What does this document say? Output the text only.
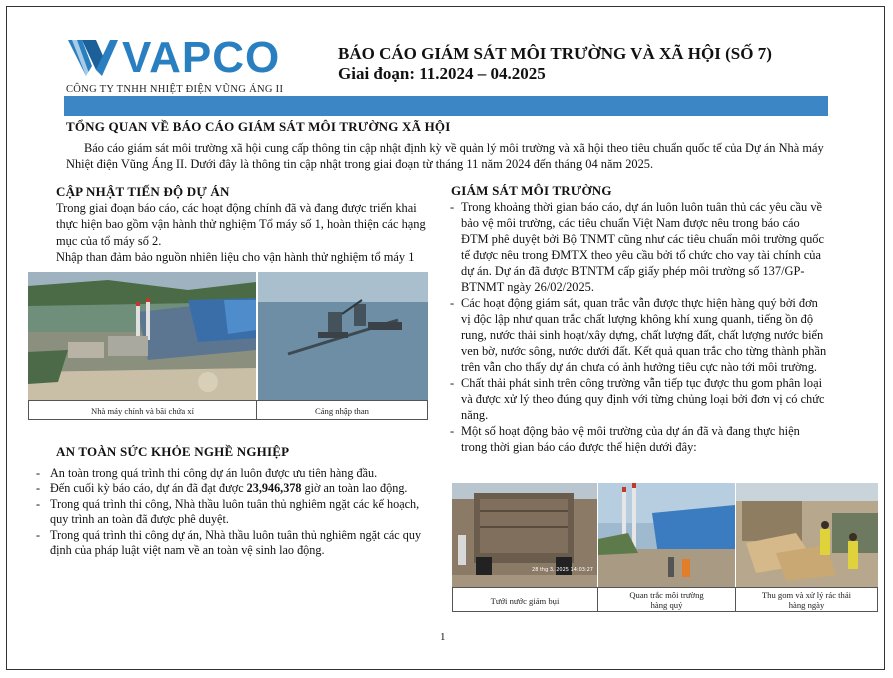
VAPCO
CÔNG TY TNHH NHIỆT ĐIỆN VŨNG ÁNG II
BÁO CÁO GIÁM SÁT MÔI TRƯỜNG VÀ XÃ HỘI (SỐ 7)
Giai đoạn: 11.2024 – 04.2025
TỔNG QUAN VỀ BÁO CÁO GIÁM SÁT MÔI TRƯỜNG XÃ HỘI
Báo cáo giám sát môi trường xã hội cung cấp thông tin cập nhật định kỳ về quản lý môi trường và xã hội theo tiêu chuẩn quốc tế của Dự án Nhà máy Nhiệt điện Vũng Áng II. Dưới đây là thông tin cập nhật trong giai đoạn từ tháng 11 năm 2024 đến tháng 04 năm 2025.
CẬP NHẬT TIẾN ĐỘ DỰ ÁN
Trong giai đoạn báo cáo, các hoạt động chính đã và đang được triển khai thực hiện bao gồm vận hành thử nghiệm Tổ máy số 1, hoàn thiện các hạng mục của tổ máy số 2.
Nhập than đảm bảo nguồn nhiên liệu cho vận hành thử nghiệm tổ máy 1
Nhà máy chính và bãi chứa xỉ	Cảng nhập than
AN TOÀN SỨC KHỎE NGHỀ NGHIỆP
- An toàn trong quá trình thi công dự án luôn được ưu tiên hàng đầu.
- Đến cuối kỳ báo cáo, dự án đã đạt được 23,946,378 giờ an toàn lao động.
- Trong quá trình thi công, Nhà thầu luôn tuân thủ nghiêm ngặt các kế hoạch, quy trình an toàn đã được phê duyệt.
- Trong quá trình thi công dự án, Nhà thầu luôn tuân thủ nghiêm ngặt các quy định của pháp luật việt nam về an toàn vệ sinh lao động.
GIÁM SÁT MÔI TRƯỜNG
- Trong khoảng thời gian báo cáo, dự án luôn luôn tuân thủ các yêu cầu về bảo vệ môi trường, các tiêu chuẩn Việt Nam được nêu trong báo cáo ĐTM phê duyệt bởi Bộ TNMT cũng như các tiêu chuẩn môi trường quốc tế được nêu trong ĐMTX theo yêu cầu bởi tổ chức cho vay tài chính của dự án. Dự án đã được BTNTM cấp giấy phép môi trường số 137/GP-BTNMT ngày 26/02/2025.
- Các hoạt động giám sát, quan trắc vẫn được thực hiện hàng quý bởi đơn vị độc lập như quan trắc chất lượng không khí xung quanh, tiếng ồn độ rung, nước thải sinh hoạt/xây dựng, chất lượng đất, chất lượng nước biển ven bờ, nước sông, nước dưới đất. Kết quả quan trắc cho từng thành phần trên vẫn cho thấy dự án chưa có ảnh hưởng tiêu cực nào tới môi trường.
- Chất thải phát sinh trên công trường vẫn tiếp tục được thu gom phân loại và được xử lý theo đúng quy định với từng chủng loại bởi đơn vị có chức năng.
- Một số hoạt động bảo vệ môi trường của dự án đã và đang thực hiện trong thời gian báo cáo được thể hiện dưới đây:
28 thg 3, 2025 14:03:27
Tưới nước giảm bụi
Quan trắc môi trường hàng quý
Thu gom và xử lý rác thải hàng ngày
1
